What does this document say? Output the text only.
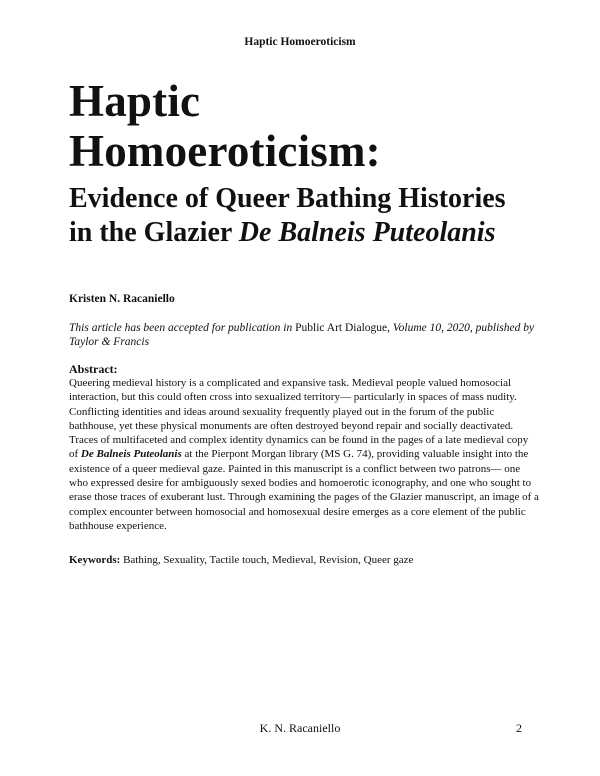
Haptic Homoeroticism
Haptic
Homoeroticism:
Evidence of Queer Bathing Histories
in the Glazier De Balneis Puteolanis
Kristen N. Racaniello
This article has been accepted for publication in Public Art Dialogue, Volume 10, 2020, published by Taylor & Francis
Abstract:
Queering medieval history is a complicated and expansive task. Medieval people valued homosocial interaction, but this could often cross into sexualized territory— particularly in spaces of mass nudity. Conflicting identities and ideas around sexuality frequently played out in the forum of the public bathhouse, yet these physical monuments are often destroyed beyond repair and socially deactivated. Traces of multifaceted and complex identity dynamics can be found in the pages of a late medieval copy of De Balneis Puteolanis at the Pierpont Morgan library (MS G. 74), providing valuable insight into the existence of a queer medieval gaze. Painted in this manuscript is a conflict between two patrons— one who expressed desire for ambiguously sexed bodies and homoerotic iconography, and one who sought to erase those traces of exuberant lust. Through examining the pages of the Glazier manuscript, an image of a complex encounter between homosocial and homosexual desire emerges as a core element of the public bathhouse experience.
Keywords: Bathing, Sexuality, Tactile touch, Medieval, Revision, Queer gaze
K. N. Racaniello	2
